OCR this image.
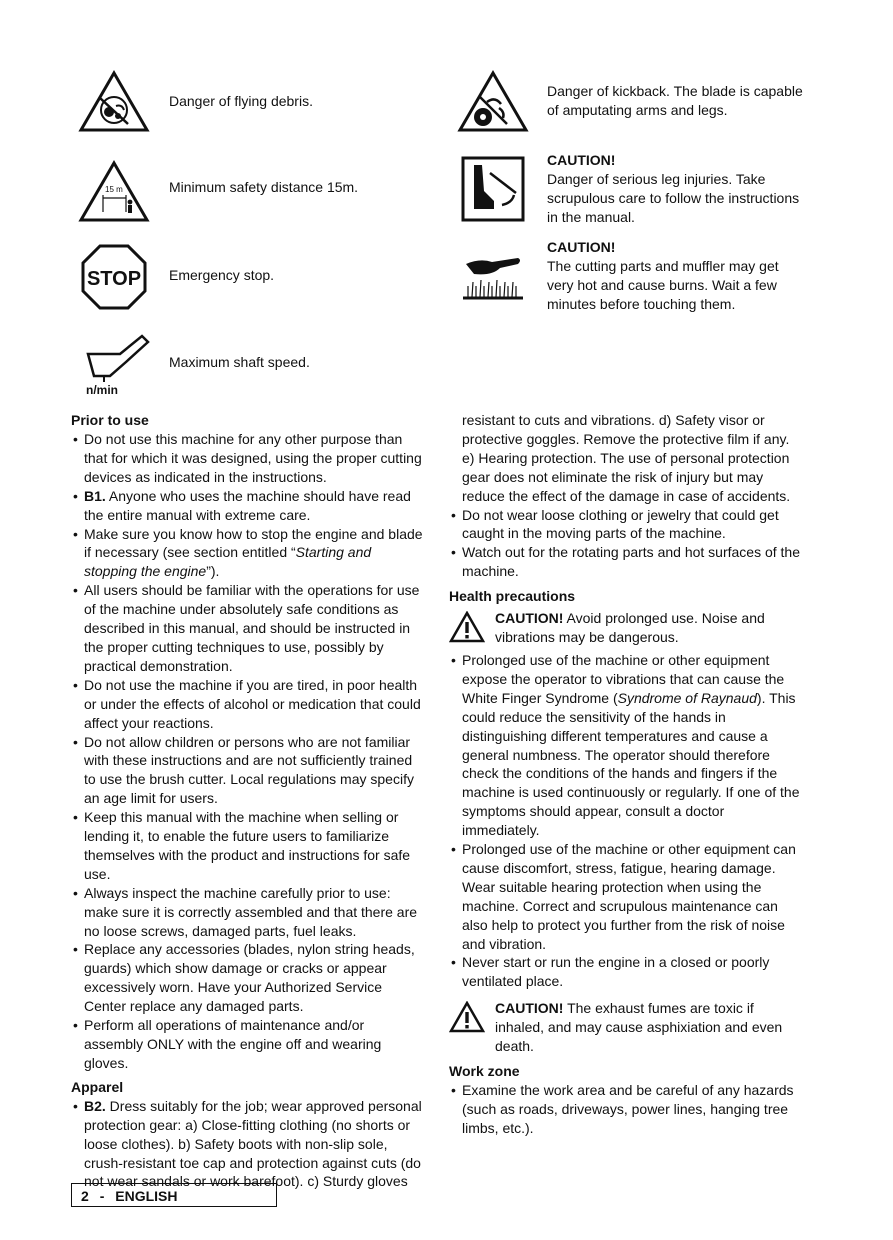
Danger of flying debris.
15 m	Minimum safety distance 15m.
STOP Emergency stop.
n/min
Maximum shaft speed.
Danger of kickback. The blade is capable of amputating arms and legs.
CAUTION!
Danger of serious leg injuries. Take scrupulous care to follow the instructions in the manual.
CAUTION!
The cutting parts and muffler may get very hot and cause burns. Wait a few minutes before touching them.
Prior to use
• Do not use this machine for any other purpose than that for which it was designed, using the proper cutting devices as indicated in the instructions.
• B1. Anyone who uses the machine should have read the entire manual with extreme care.
• Make sure you know how to stop the engine and blade if necessary (see section entitled “Starting and stopping the engine”).
• All users should be familiar with the operations for use of the machine under absolutely safe conditions as described in this manual, and should be instructed in the proper cutting techniques to use, possibly by practical demonstration.
• Do not use the machine if you are tired, in poor health or under the effects of alcohol or medication that could affect your reactions.
• Do not allow children or persons who are not familiar with these instructions and are not sufficiently trained to use the brush cutter. Local regulations may specify an age limit for users.
• Keep this manual with the machine when selling or lending it, to enable the future users to familiarize themselves with the product and instructions for safe use.
• Always inspect the machine carefully prior to use: make sure it is correctly assembled and that there are no loose screws, damaged parts, fuel leaks.
• Replace any accessories (blades, nylon string heads, guards) which show damage or cracks or appear excessively worn. Have your Authorized Service Center replace any damaged parts.
• Perform all operations of maintenance and/or assembly ONLY with the engine off and wearing gloves.
Apparel
• B2. Dress suitably for the job; wear approved personal protection gear: a) Close-fitting clothing (no shorts or loose clothes). b) Safety boots with non-slip sole, crush-resistant toe cap and protection against cuts (do not wear sandals or work barefoot). c) Sturdy gloves
resistant to cuts and vibrations. d) Safety visor or protective goggles. Remove the protective film if any. e) Hearing protection. The use of personal protection gear does not eliminate the risk of injury but may reduce the effect of the damage in case of accidents.
• Do not wear loose clothing or jewelry that could get caught in the moving parts of the machine.
• Watch out for the rotating parts and hot surfaces of the machine.
Health precautions
CAUTION! Avoid prolonged use. Noise and vibrations may be dangerous.
• Prolonged use of the machine or other equipment expose the operator to vibrations that can cause the White Finger Syndrome (Syndrome of Raynaud). This could reduce the sensitivity of the hands in distinguishing different temperatures and cause a general numbness. The operator should therefore check the conditions of the hands and fingers if the machine is used continuously or regularly. If one of the symptoms should appear, consult a doctor immediately.
• Prolonged use of the machine or other equipment can cause discomfort, stress, fatigue, hearing damage. Wear suitable hearing protection when using the machine. Correct and scrupulous maintenance can also help to protect you further from the risk of noise and vibration.
• Never start or run the engine in a closed or poorly ventilated place.
CAUTION! The exhaust fumes are toxic if inhaled, and may cause asphixiation and even death.
Work zone
• Examine the work area and be careful of any hazards (such as roads, driveways, power lines, hanging tree limbs, etc.).
2 - ENGLISH
